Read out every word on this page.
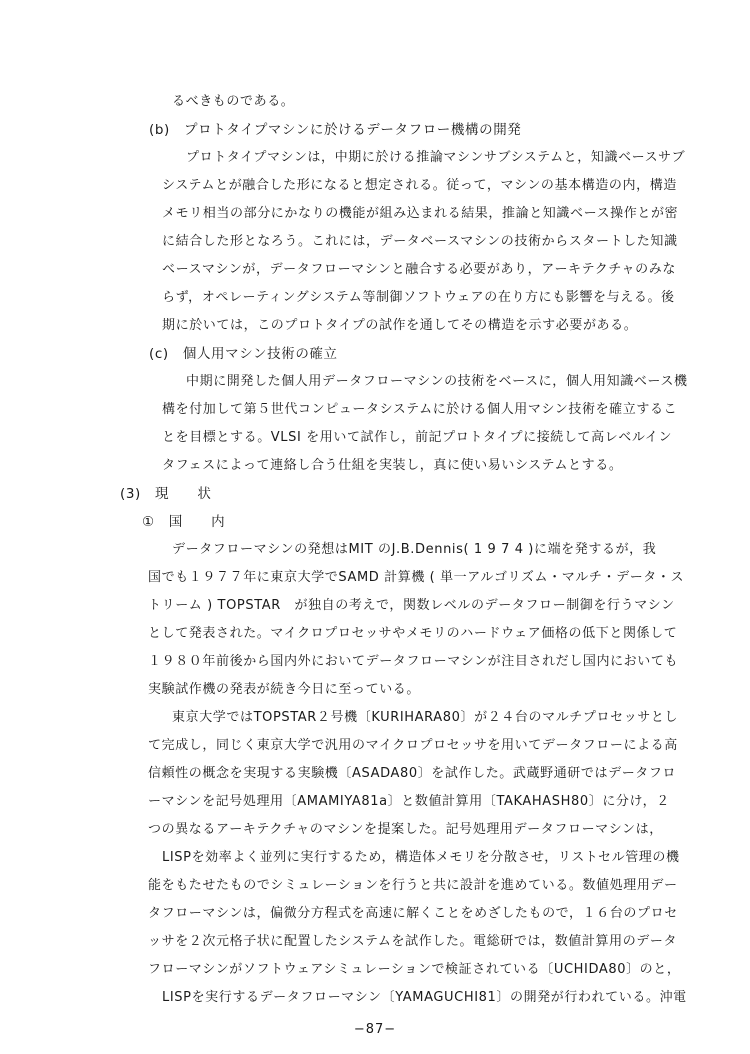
るべきものである。
(b)　プロトタイプマシンに於けるデータフロー機構の開発
プロトタイプマシンは，中期に於ける推論マシンサブシステムと，知識ベースサブ
システムとが融合した形になると想定される。従って，マシンの基本構造の内，構造
メモリ相当の部分にかなりの機能が組み込まれる結果，推論と知識ベース操作とが密
に結合した形となろう。これには，データベースマシンの技術からスタートした知識
ベースマシンが，データフローマシンと融合する必要があり，アーキテクチャのみな
らず，オペレーティングシステム等制御ソフトウェアの在り方にも影響を与える。後
期に於いては，このプロトタイプの試作を通してその構造を示す必要がある。
(c)　個人用マシン技術の確立
中期に開発した個人用データフローマシンの技術をベースに，個人用知識ベース機
構を付加して第５世代コンピュータシステムに於ける個人用マシン技術を確立するこ
とを目標とする。VLSI を用いて試作し，前記プロトタイプに接続して高レベルイン
タフェスによって連絡し合う仕組を実装し，真に使い易いシステムとする。
(3)　現　　状
①　国　　内
データフローマシンの発想はMIT のJ.B.Dennis( 1 9 7 4 )に端を発するが，我
国でも１９７７年に東京大学でSAMD 計算機 ( 単一アルゴリズム・マルチ・データ・ス
トリーム ) TOPSTAR　が独自の考えで，関数レベルのデータフロー制御を行うマシン
として発表された。マイクロプロセッサやメモリのハードウェア価格の低下と関係して
１９８０年前後から国内外においてデータフローマシンが注目されだし国内においても
実験試作機の発表が続き今日に至っている。
東京大学ではTOPSTAR２号機〔KURIHARA80〕が２４台のマルチプロセッサとし
て完成し，同じく東京大学で汎用のマイクロプロセッサを用いてデータフローによる高
信頼性の概念を実現する実験機〔ASADA80〕を試作した。武蔵野通研ではデータフロ
ーマシンを記号処理用〔AMAMIYA81a〕と数値計算用〔TAKAHASH80〕に分け，２
つの異なるアーキテクチャのマシンを提案した。記号処理用データフローマシンは，
LISPを効率よく並列に実行するため，構造体メモリを分散させ，リストセル管理の機
能をもたせたものでシミュレーションを行うと共に設計を進めている。数値処理用デー
タフローマシンは，偏微分方程式を高速に解くことをめざしたもので，１６台のプロセ
ッサを２次元格子状に配置したシステムを試作した。電総研では，数値計算用のデータ
フローマシンがソフトウェアシミュレーションで検証されている〔UCHIDA80〕のと，
LISPを実行するデータフローマシン〔YAMAGUCHI81〕の開発が行われている。沖電
−87−
